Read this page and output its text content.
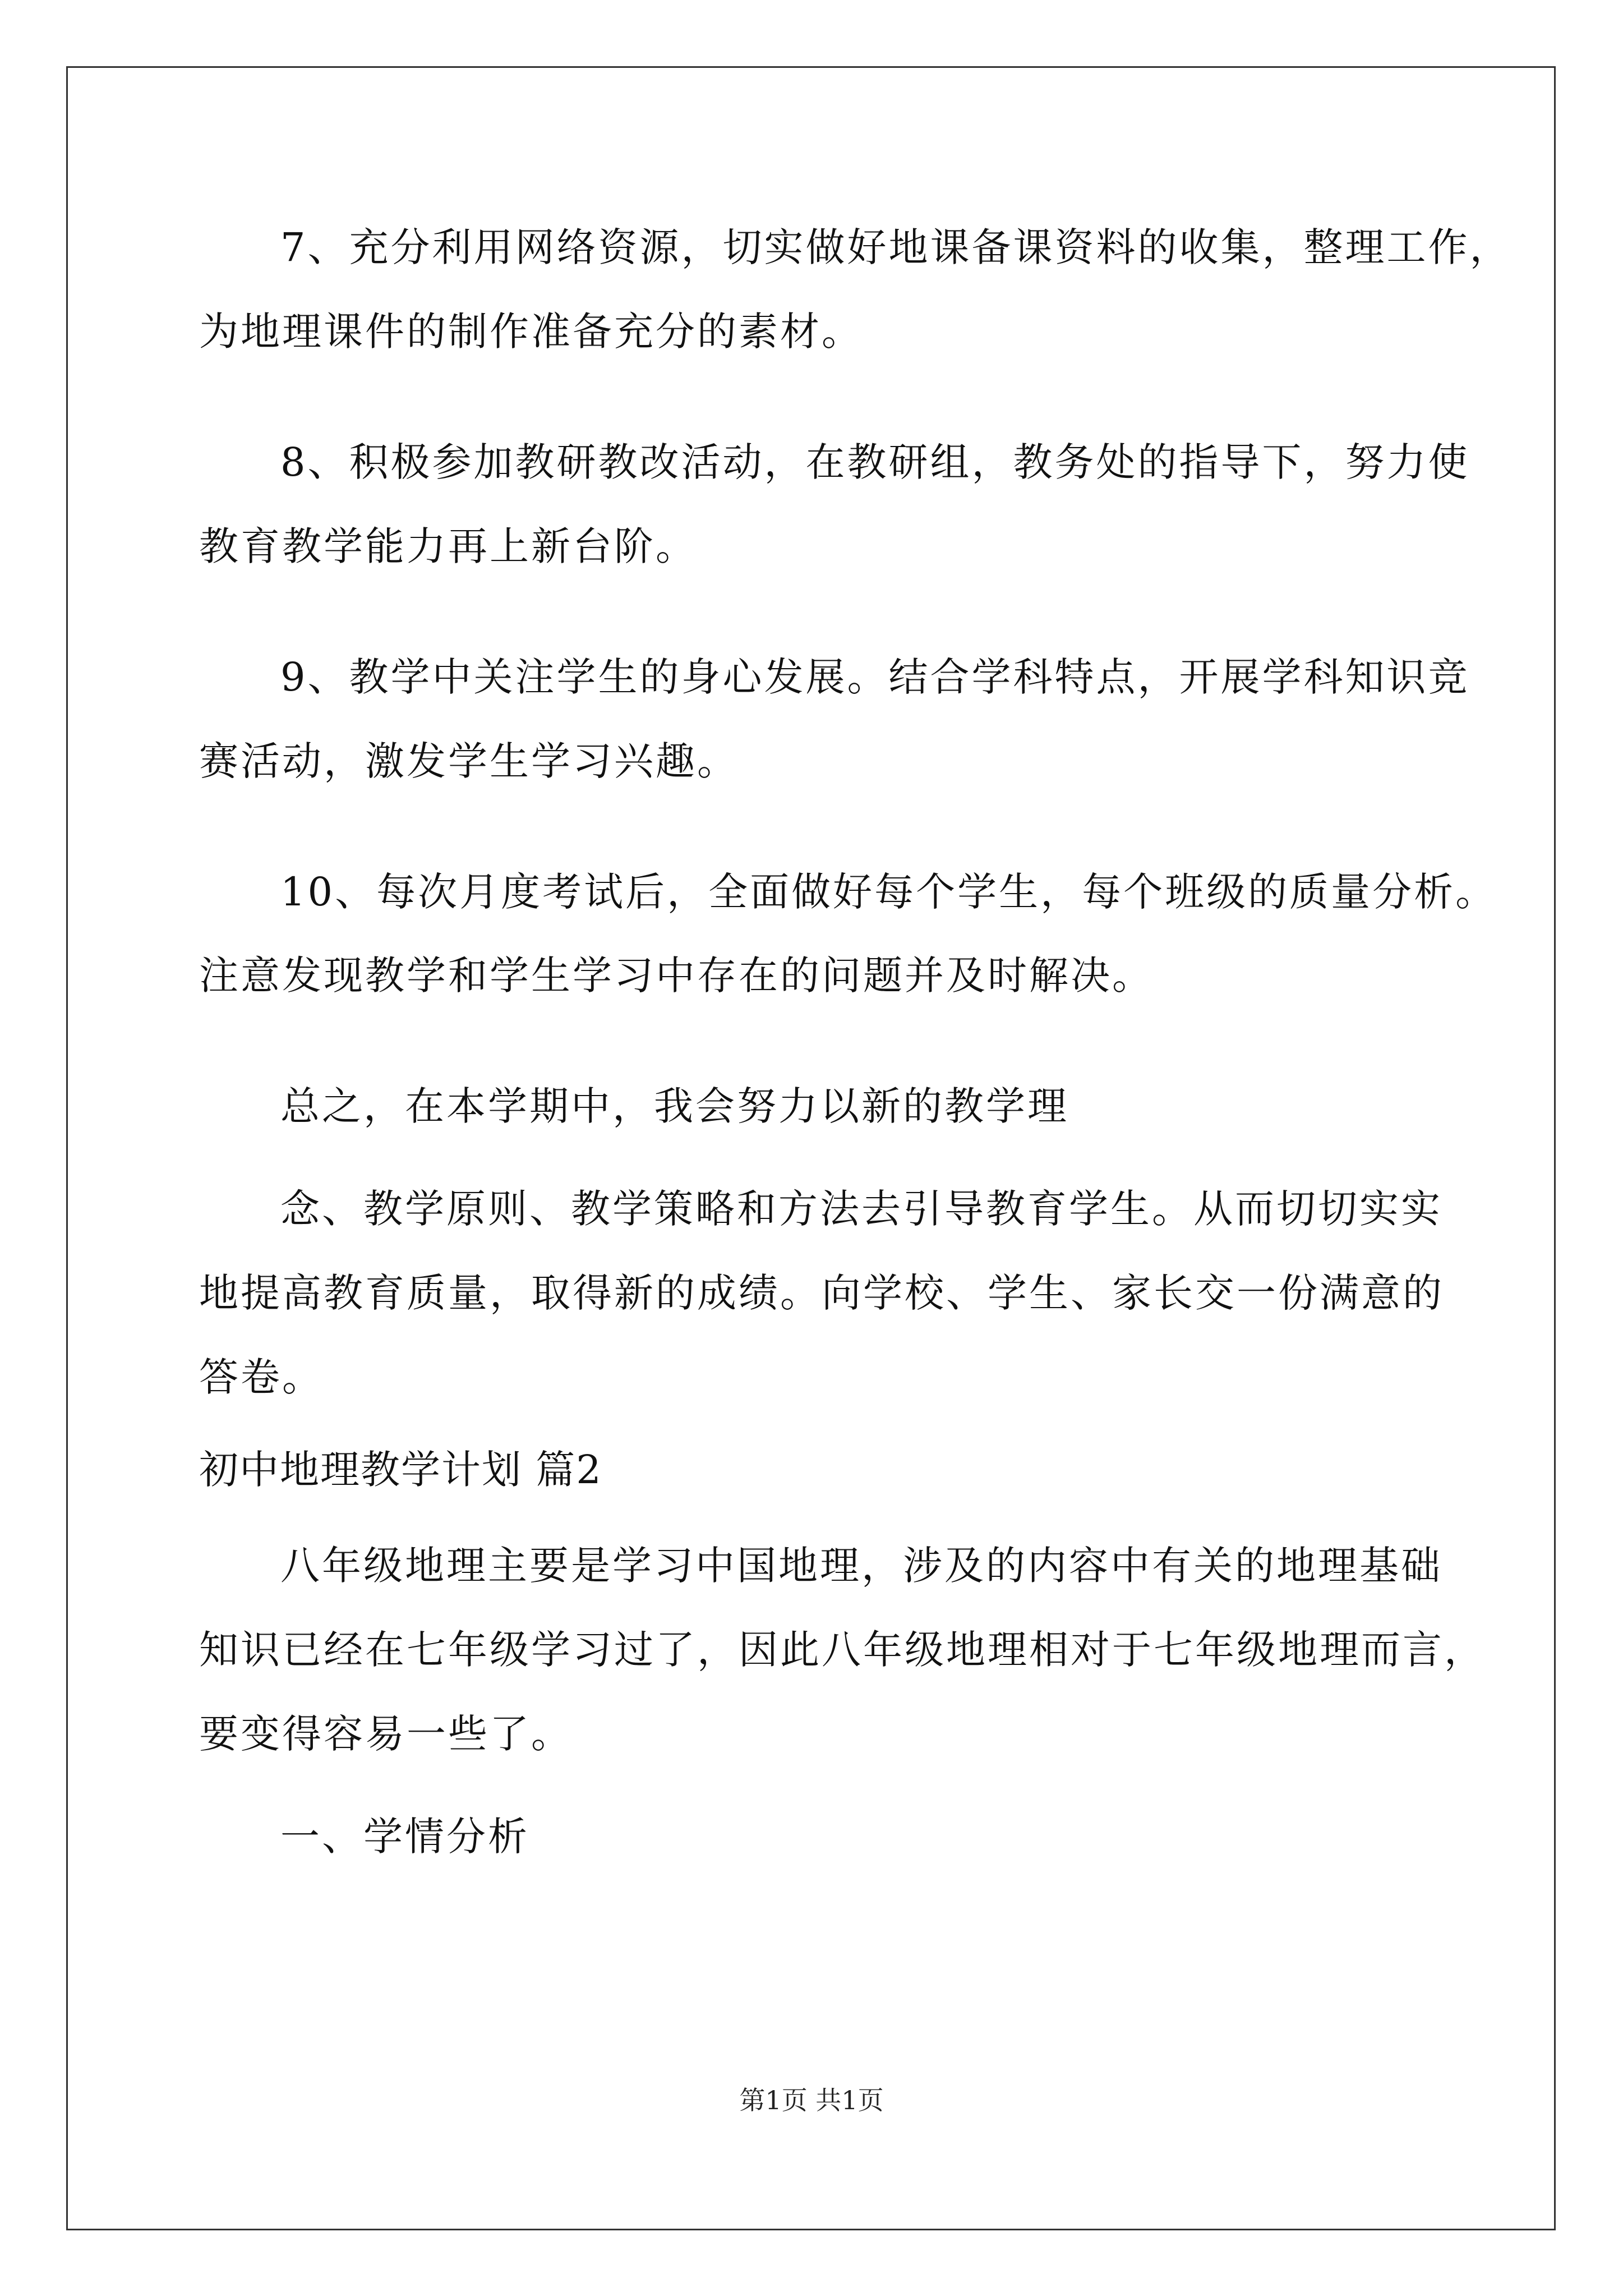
7、充分利用网络资源，切实做好地课备课资料的收集，整理工作，
为地理课件的制作准备充分的素材。
8、积极参加教研教改活动，在教研组，教务处的指导下，努力使
教育教学能力再上新台阶。
9、教学中关注学生的身心发展。结合学科特点，开展学科知识竞
赛活动，激发学生学习兴趣。
10、每次月度考试后，全面做好每个学生，每个班级的质量分析。
注意发现教学和学生学习中存在的问题并及时解决。
总之，在本学期中，我会努力以新的教学理
念、教学原则、教学策略和方法去引导教育学生。从而切切实实
地提高教育质量，取得新的成绩。向学校、学生、家长交一份满意的
答卷。
初中地理教学计划 篇2
八年级地理主要是学习中国地理，涉及的内容中有关的地理基础
知识已经在七年级学习过了，因此八年级地理相对于七年级地理而言，
要变得容易一些了。
一、学情分析
第1页 共1页
